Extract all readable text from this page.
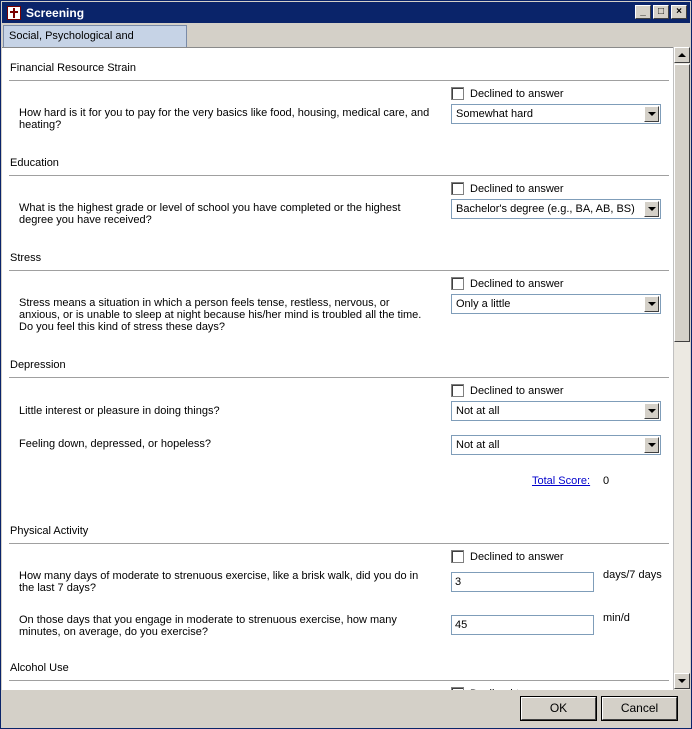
Screening	_	□	×
Social, Psychological and
Financial Resource Strain
Declined to answer
How hard is it for you to pay for the very basics like food, housing, medical care, and heating?
Somewhat hard
Education
Declined to answer
What is the highest grade or level of school you have completed or the highest degree you have received?
Bachelor's degree (e.g., BA, AB, BS)
Stress
Declined to answer
Stress means a situation in which a person feels tense, restless, nervous, or anxious, or is unable to sleep at night because his/her mind is troubled all the time. Do you feel this kind of stress these days?
Only a little
Depression
Declined to answer
Little interest or pleasure in doing things?	Not at all
Feeling down, depressed, or hopeless?	Not at all
Total Score: 0
Physical Activity
Declined to answer
How many days of moderate to strenuous exercise, like a brisk walk, did you do in the last 7 days?	3
days/7 days
On those days that you engage in moderate to strenuous exercise, how many minutes, on average, do you exercise?
45
min/d
Alcohol Use
OK	Cancel
